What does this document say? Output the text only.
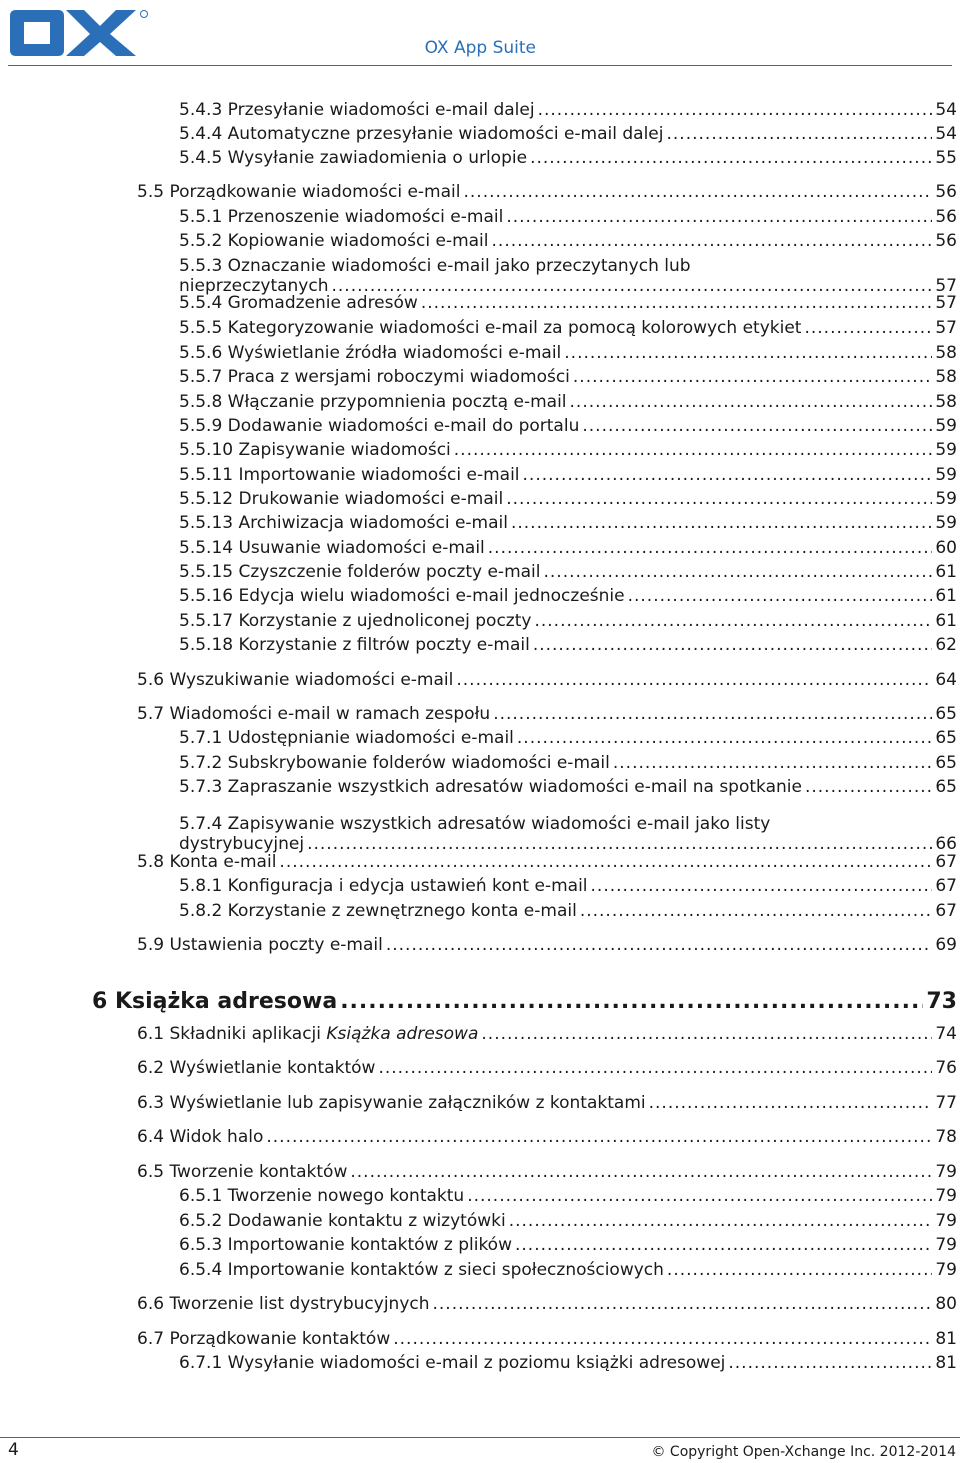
OX App Suite
5.4.3 Przesyłanie wiadomości e-mail dalej .....	54
5.4.4 Automatyczne przesyłanie wiadomości e-mail dalej .....	54
5.4.5 Wysyłanie zawiadomienia o urlopie .....	55
5.5 Porządkowanie wiadomości e-mail .....	56
5.5.1 Przenoszenie wiadomości e-mail .....	56
5.5.2 Kopiowanie wiadomości e-mail .....	56
5.5.3 Oznaczanie wiadomości e-mail jako przeczytanych lub
nieprzeczytanych .....	57
5.5.4 Gromadzenie adresów .....	57
5.5.5 Kategoryzowanie wiadomości e-mail za pomocą kolorowych etykiet .....	57
5.5.6 Wyświetlanie źródła wiadomości e-mail .....	58
5.5.7 Praca z wersjami roboczymi wiadomości .....	58
5.5.8 Włączanie przypomnienia pocztą e-mail .....	58
5.5.9 Dodawanie wiadomości e-mail do portalu .....	59
5.5.10 Zapisywanie wiadomości .....	59
5.5.11 Importowanie wiadomości e-mail .....	59
5.5.12 Drukowanie wiadomości e-mail .....	59
5.5.13 Archiwizacja wiadomości e-mail .....	59
5.5.14 Usuwanie wiadomości e-mail .....	60
5.5.15 Czyszczenie folderów poczty e-mail .....	61
5.5.16 Edycja wielu wiadomości e-mail jednocześnie .....	61
5.5.17 Korzystanie z ujednoliconej poczty .....	61
5.5.18 Korzystanie z filtrów poczty e-mail .....	62
5.6 Wyszukiwanie wiadomości e-mail .....	64
5.7 Wiadomości e-mail w ramach zespołu .....	65
5.7.1 Udostępnianie wiadomości e-mail .....	65
5.7.2 Subskrybowanie folderów wiadomości e-mail .....	65
5.7.3 Zapraszanie wszystkich adresatów wiadomości e-mail na spotkanie .....	65
5.7.4 Zapisywanie wszystkich adresatów wiadomości e-mail jako listy
dystrybucyjnej .....	66
5.8 Konta e-mail .....	67
5.8.1 Konfiguracja i edycja ustawień kont e-mail .....	67
5.8.2 Korzystanie z zewnętrznego konta e-mail .....	67
5.9 Ustawienia poczty e-mail .....	69
6 Książka adresowa .....	73
6.1 Składniki aplikacji Książka adresowa .....	74
6.2 Wyświetlanie kontaktów .....	76
6.3 Wyświetlanie lub zapisywanie załączników z kontaktami .....	77
6.4 Widok halo .....	78
6.5 Tworzenie kontaktów .....	79
6.5.1 Tworzenie nowego kontaktu .....	79
6.5.2 Dodawanie kontaktu z wizytówki .....	79
6.5.3 Importowanie kontaktów z plików .....	79
6.5.4 Importowanie kontaktów z sieci społecznościowych .....	79
6.6 Tworzenie list dystrybucyjnych .....	80
6.7 Porządkowanie kontaktów .....	81
6.7.1 Wysyłanie wiadomości e-mail z poziomu książki adresowej .....	81
4	© Copyright Open-Xchange Inc. 2012-2014
